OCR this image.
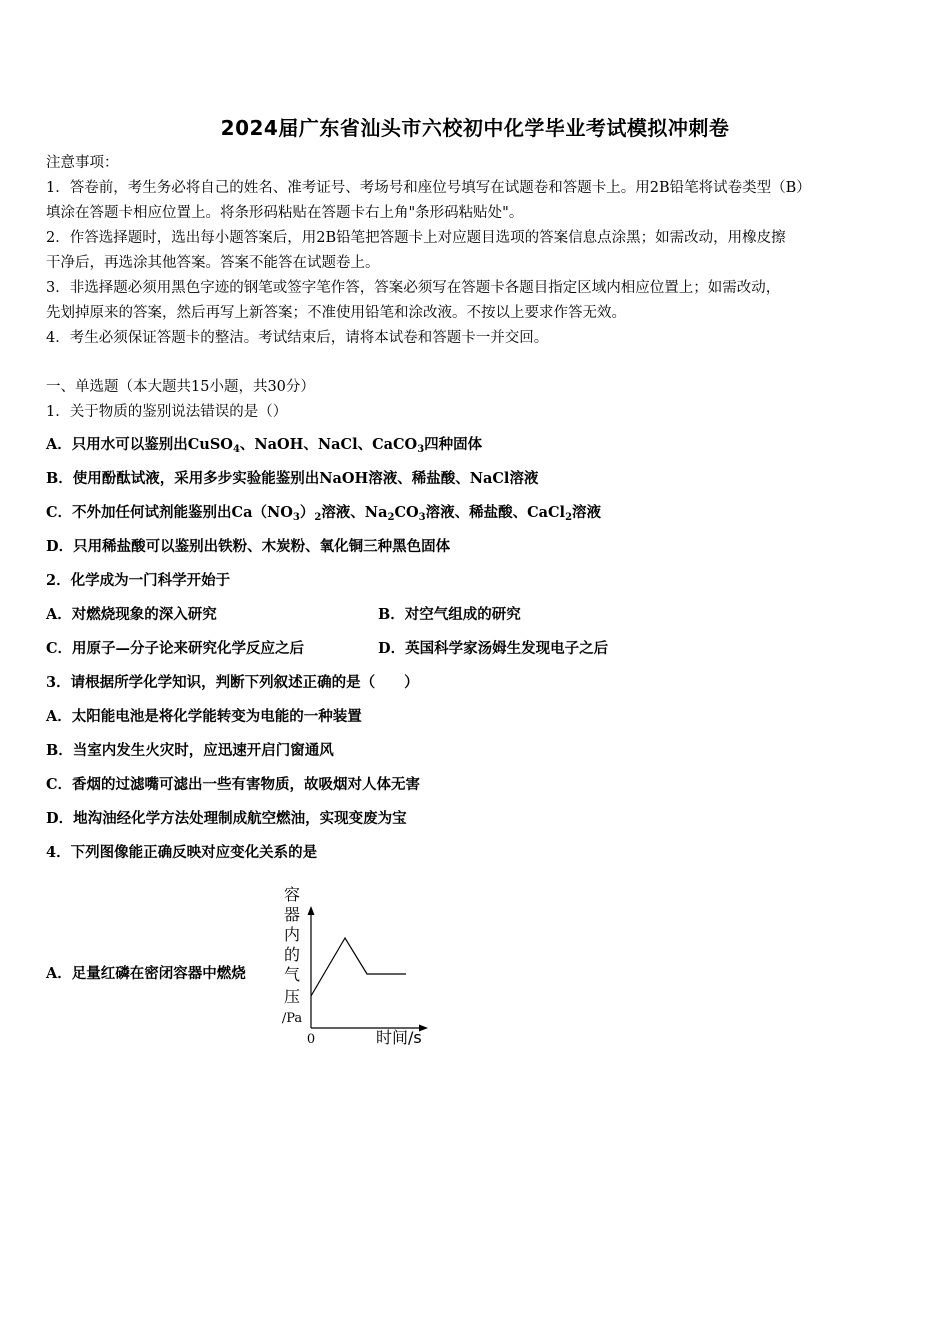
2024届广东省汕头市六校初中化学毕业考试模拟冲刺卷
注意事项：
1．答卷前，考生务必将自己的姓名、准考证号、考场号和座位号填写在试题卷和答题卡上。用2B铅笔将试卷类型（B）
填涂在答题卡相应位置上。将条形码粘贴在答题卡右上角"条形码粘贴处"。
2．作答选择题时，选出每小题答案后，用2B铅笔把答题卡上对应题目选项的答案信息点涂黑；如需改动，用橡皮擦
干净后，再选涂其他答案。答案不能答在试题卷上。
3．非选择题必须用黑色字迹的钢笔或签字笔作答，答案必须写在答题卡各题目指定区域内相应位置上；如需改动，
先划掉原来的答案，然后再写上新答案；不准使用铅笔和涂改液。不按以上要求作答无效。
4．考生必须保证答题卡的整洁。考试结束后，请将本试卷和答题卡一并交回。
一、单选题（本大题共15小题，共30分）
1．关于物质的鉴别说法错误的是（）
A．只用水可以鉴别出CuSO$_4$、NaOH、NaCl、CaCO$_3$四种固体
B．使用酚酞试液，采用多步实验能鉴别出NaOH溶液、稀盐酸、NaCl溶液
C．不外加任何试剂能鉴别出$Ca(NO_3)_2$溶液、$Na_2CO_3$溶液、稀盐酸、CaCl$_2$溶液
D．只用稀盐酸可以鉴别出铁粉、木炭粉、氧化铜三种黑色固体
2．化学成为一门科学开始于
A．对燃烧现象的深入研究	B．对空气组成的研究
C．用原子—分子论来研究化学反应之后	D．英国科学家汤姆生发现电子之后
3．请根据所学化学知识，判断下列叙述正确的是（　　）
A．太阳能电池是将化学能转变为电能的一种装置
B．当室内发生火灾时，应迅速开启门窗通风
C．香烟的过滤嘴可滤出一些有害物质，故吸烟对人体无害
D．地沟油经化学方法处理制成航空燃油，实现变废为宝
4．下列图像能正确反映对应变化关系的是
A．足量红磷在密闭容器中燃烧
容
器
内
的
气
压
/Pa
0	时间/s
